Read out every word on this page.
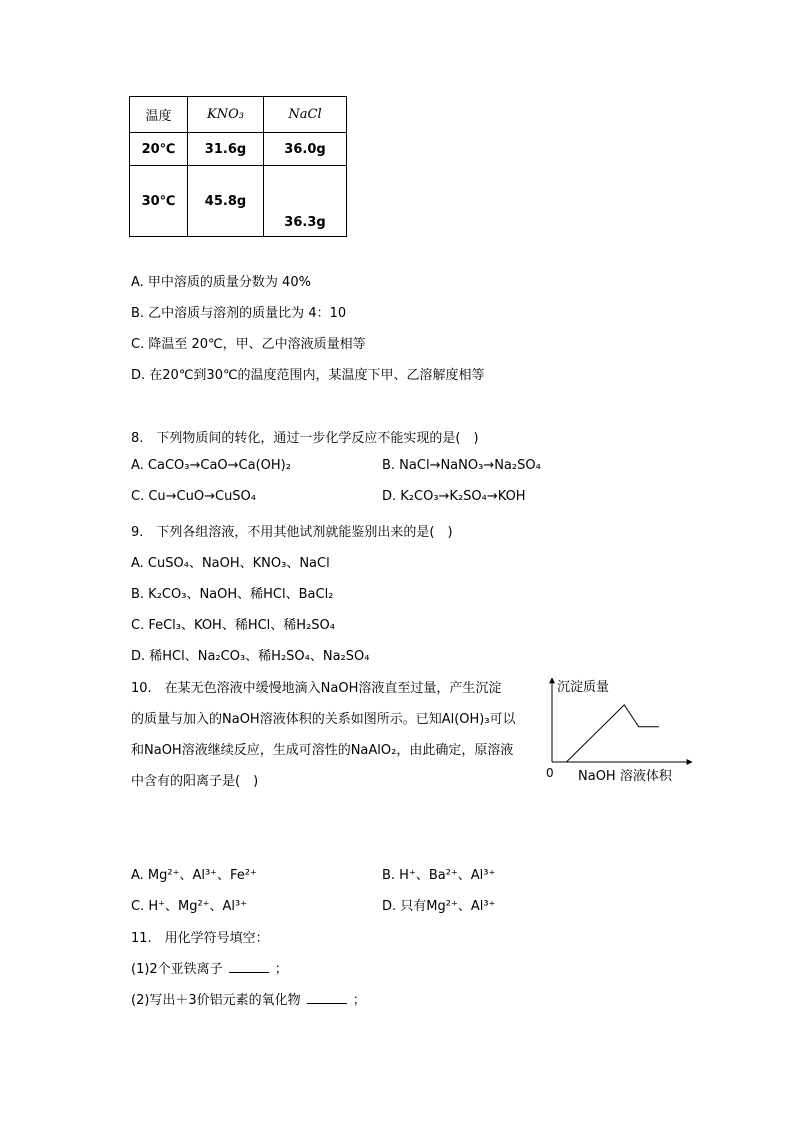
温度	KNO₃	NaCl
20℃	31.6g	36.0g
30℃	45.8g	36.3g
A. 甲中溶质的质量分数为 40%
B. 乙中溶质与溶剂的质量比为 4：10
C. 降温至 20℃，甲、乙中溶液质量相等
D. 在20℃到30℃的温度范围内，某温度下甲、乙溶解度相等
8.　下列物质间的转化，通过一步化学反应不能实现的是(　)
A. CaCO₃→CaO→Ca(OH)₂	B. NaCl→NaNO₃→Na₂SO₄
C. Cu→CuO→CuSO₄	D. K₂CO₃→K₂SO₄→KOH
9.　下列各组溶液，不用其他试剂就能鉴别出来的是(　)
A. CuSO₄、NaOH、KNO₃、NaCl
B. K₂CO₃、NaOH、稀HCl、BaCl₂
C. FeCl₃、KOH、稀HCl、稀H₂SO₄
D. 稀HCl、Na₂CO₃、稀H₂SO₄、Na₂SO₄
10.　在某无色溶液中缓慢地滴入NaOH溶液直至过量，产生沉淀
的质量与加入的NaOH溶液体积的关系如图所示。已知Al(OH)₃可以
和NaOH溶液继续反应，生成可溶性的NaAlO₂，由此确定，原溶液
中含有的阳离子是(　)
沉淀质量
0 NaOH 溶液体积
A. Mg²⁺、Al³⁺、Fe²⁺	B. H⁺、Ba²⁺、Al³⁺
C. H⁺、Mg²⁺、Al³⁺	D. 只有Mg²⁺、Al³⁺
11.　用化学符号填空：
(1)2个亚铁离子	；
(2)写出＋3价铝元素的氧化物	；
